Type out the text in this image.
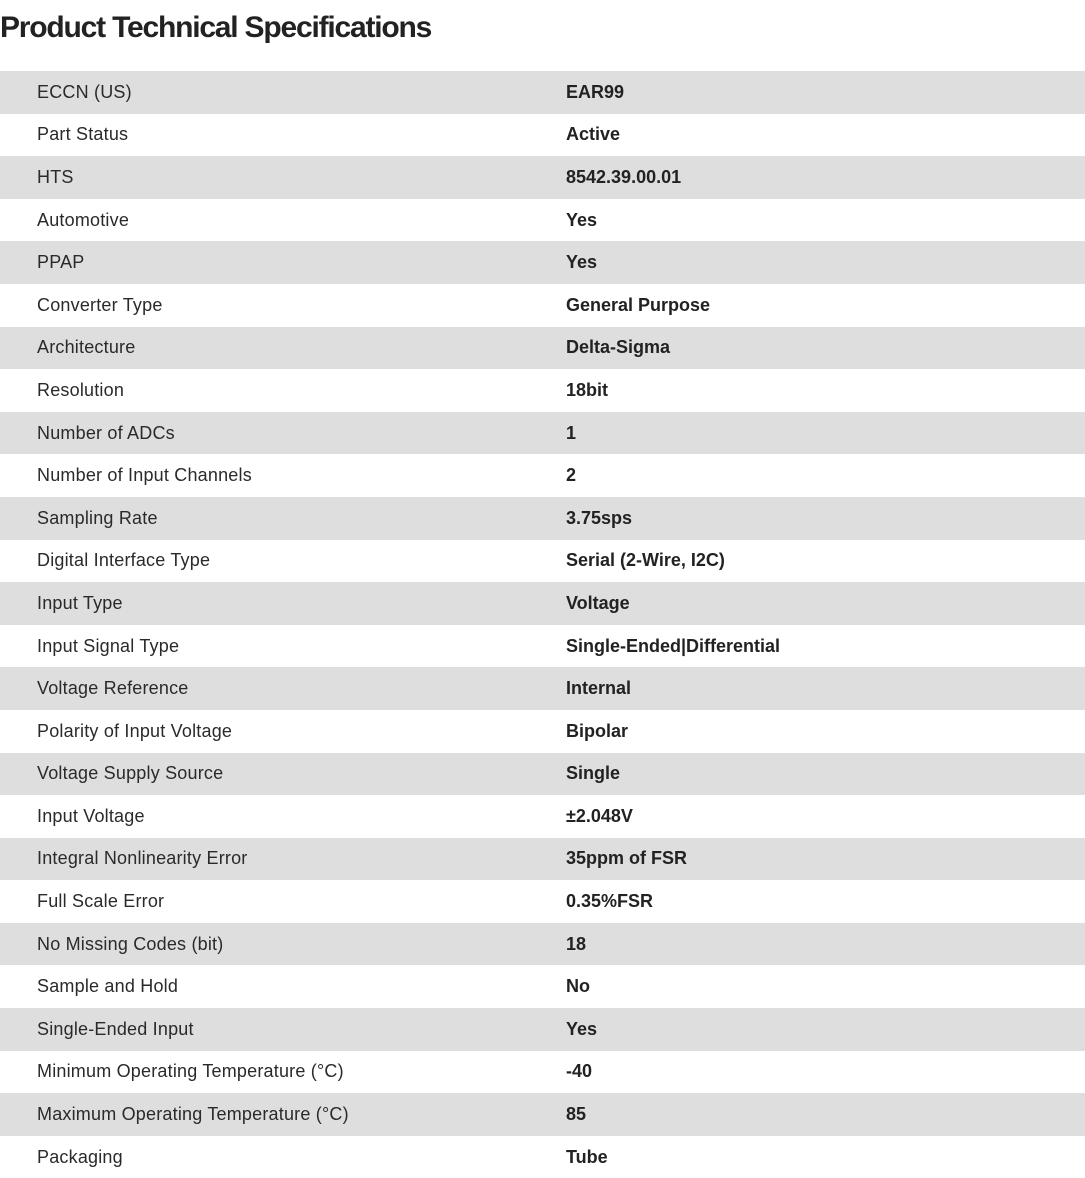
Product Technical Specifications
ECCN (US)	EAR99
Part Status	Active
HTS	8542.39.00.01
Automotive	Yes
PPAP	Yes
Converter Type	General Purpose
Architecture	Delta-Sigma
Resolution	18bit
Number of ADCs	1
Number of Input Channels	2
Sampling Rate	3.75sps
Digital Interface Type	Serial (2-Wire, I2C)
Input Type	Voltage
Input Signal Type	Single-Ended|Differential
Voltage Reference	Internal
Polarity of Input Voltage	Bipolar
Voltage Supply Source	Single
Input Voltage	±2.048V
Integral Nonlinearity Error	35ppm of FSR
Full Scale Error	0.35%FSR
No Missing Codes (bit)	18
Sample and Hold	No
Single-Ended Input	Yes
Minimum Operating Temperature (°C)	-40
Maximum Operating Temperature (°C)	85
Packaging	Tube
